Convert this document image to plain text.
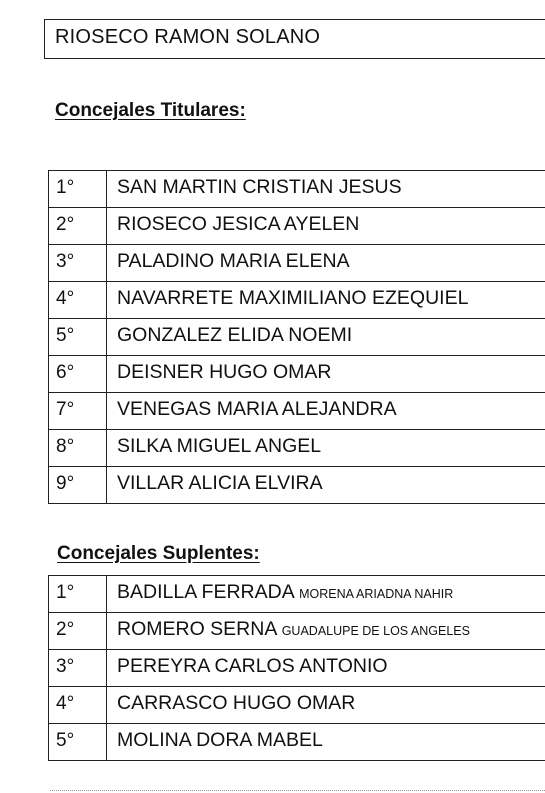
RIOSECO RAMON SOLANO
Concejales Titulares:
1°	SAN MARTIN CRISTIAN JESUS
2°	RIOSECO JESICA AYELEN
3°	PALADINO MARIA ELENA
4°	NAVARRETE MAXIMILIANO EZEQUIEL
5°	GONZALEZ ELIDA NOEMI
6°	DEISNER HUGO OMAR
7°	VENEGAS MARIA ALEJANDRA
8°	SILKA MIGUEL ANGEL
9°	VILLAR ALICIA ELVIRA
Concejales Suplentes:
1°	BADILLA FERRADA MORENA ARIADNA NAHIR
2°	ROMERO SERNA GUADALUPE DE LOS ANGELES
3°	PEREYRA CARLOS ANTONIO
4°	CARRASCO HUGO OMAR
5°	MOLINA DORA MABEL
